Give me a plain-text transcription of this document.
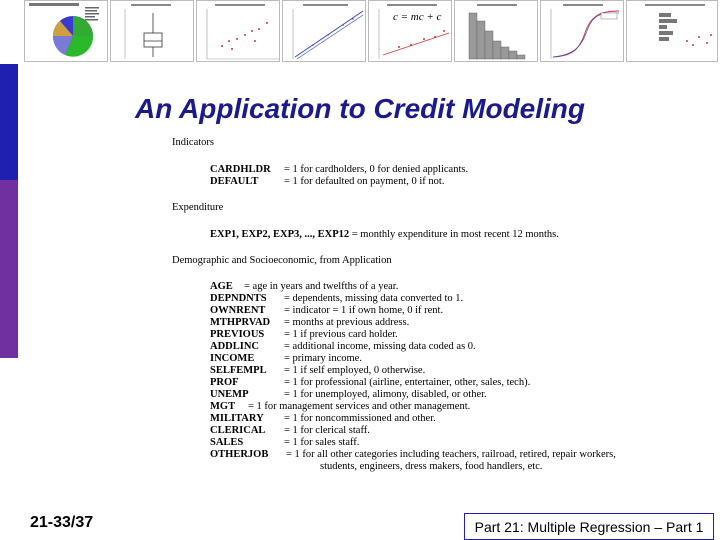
c = mc + c
An Application to Credit Modeling
Indicators
CARDHLDR = 1 for cardholders, 0 for denied applicants.
DEFAULT = 1 for defaulted on payment, 0 if not.
Expenditure
EXP1, EXP2, EXP3, ..., EXP12 = monthly expenditure in most recent 12 months.
Demographic and Socioeconomic, from Application
AGE = age in years and twelfths of a year.
DEPNDNTS = dependents, missing data converted to 1.
OWNRENT = indicator = 1 if own home, 0 if rent.
MTHPRVAD = months at previous address.
PREVIOUS = 1 if previous card holder.
ADDLINC = additional income, missing data coded as 0.
INCOME	= primary income.
SELFEMPL = 1 if self employed, 0 otherwise.
PROF	= 1 for professional (airline, entertainer, other, sales, tech).
UNEMP	= 1 for unemployed, alimony, disabled, or other.
MGT = 1 for management services and other management.
MILITARY = 1 for noncommissioned and other.
CLERICAL = 1 for clerical staff.
SALES	= 1 for sales staff.
OTHERJOB = 1 for all other categories including teachers, railroad, retired, repair workers,
students, engineers, dress makers, food handlers, etc.
21-33/37	Part 21: Multiple Regression – Part 1
